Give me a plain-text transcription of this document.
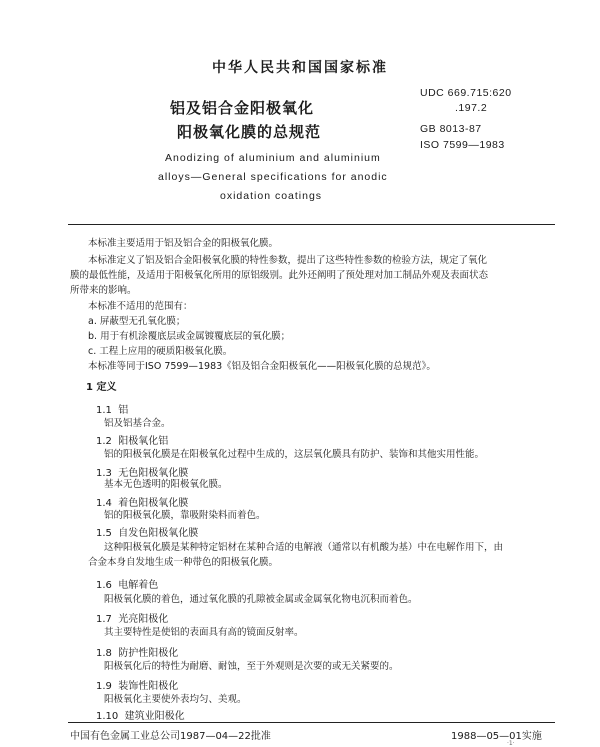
中华人民共和国国家标准
铝及铝合金阳极氧化
阳极氧化膜的总规范
UDC 669.715:620
.197.2
GB 8013-87
ISO 7599—1983
Anodizing of aluminium and aluminium
alloys—General specifications for anodic
oxidation coatings
本标准主要适用于铝及铝合金的阳极氧化膜。
本标准定义了铝及铝合金阳极氧化膜的特性参数，提出了这些特性参数的检验方法，规定了氧化
膜的最低性能，及适用于阳极氧化所用的原铝级别。此外还阐明了预处理对加工制品外观及表面状态
所带来的影响。
本标准不适用的范围有：
a. 屏蔽型无孔氧化膜；
b. 用于有机涂覆底层或金属镀覆底层的氧化膜；
c. 工程上应用的硬质阳极氧化膜。
本标准等同于ISO 7599—1983《铝及铝合金阳极氧化——阳极氧化膜的总规范》。
1 定义
1.1 铝
铝及铝基合金。
1.2 阳极氧化铝
铝的阳极氧化膜是在阳极氧化过程中生成的，这层氧化膜具有防护、装饰和其他实用性能。
1.3 无色阳极氧化膜
基本无色透明的阳极氧化膜。
1.4 着色阳极氧化膜
铝的阳极氧化膜，靠吸附染料而着色。
1.5 自发色阳极氧化膜
这种阳极氧化膜是某种特定铝材在某种合适的电解液（通常以有机酸为基）中在电解作用下，由
合金本身自发地生成一种带色的阳极氧化膜。
1.6 电解着色
阳极氧化膜的着色，通过氧化膜的孔隙被金属或金属氧化物电沉积而着色。
1.7 光亮阳极化
其主要特性是使铝的表面具有高的镜面反射率。
1.8 防护性阳极化
阳极氧化后的特性为耐磨、耐蚀，至于外观则是次要的或无关紧要的。
1.9 装饰性阳极化
阳极氧化主要使外表均匀、美观。
1.10 建筑业阳极化
中国有色金属工业总公司1987—04—22批准	1988—05—01实施
·1·
